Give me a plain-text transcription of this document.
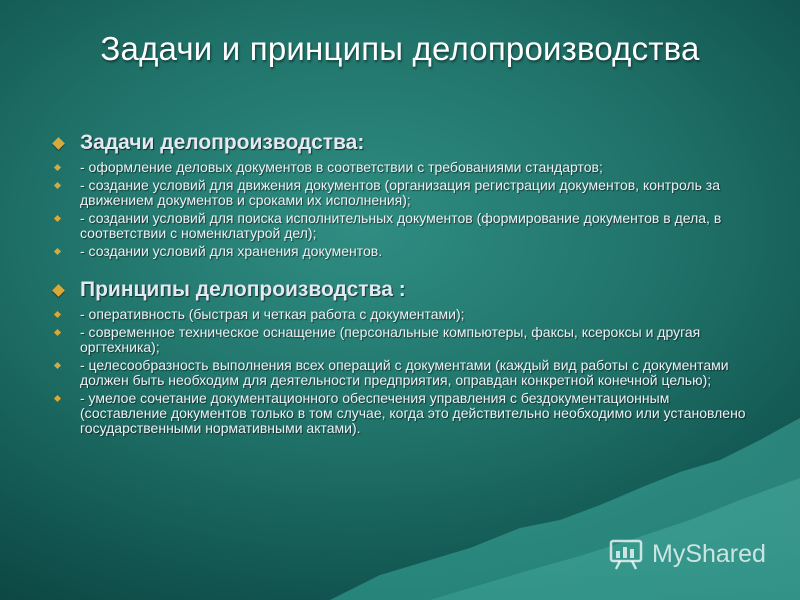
Задачи и принципы делопроизводства
Задачи делопроизводства:
- оформление деловых документов в соответствии с требованиями стандартов;
- создание условий для движения документов (организация регистрации документов, контроль за движением документов и сроками их исполнения);
- создании условий для поиска исполнительных документов (формирование документов в дела, в соответствии с номенклатурой дел);
- создании условий для хранения документов.
Принципы делопроизводства :
- оперативность (быстрая и четкая работа с документами);
- современное техническое оснащение (персональные компьютеры, факсы, ксероксы и другая оргтехника);
- целесообразность выполнения всех операций с документами (каждый вид работы с документами должен быть необходим для деятельности предприятия, оправдан конкретной конечной целью);
- умелое сочетание документационного обеспечения управления с бездокументационным (составление документов только в том случае, когда это действительно необходимо или установлено государственными нормативными актами).
MyShared
